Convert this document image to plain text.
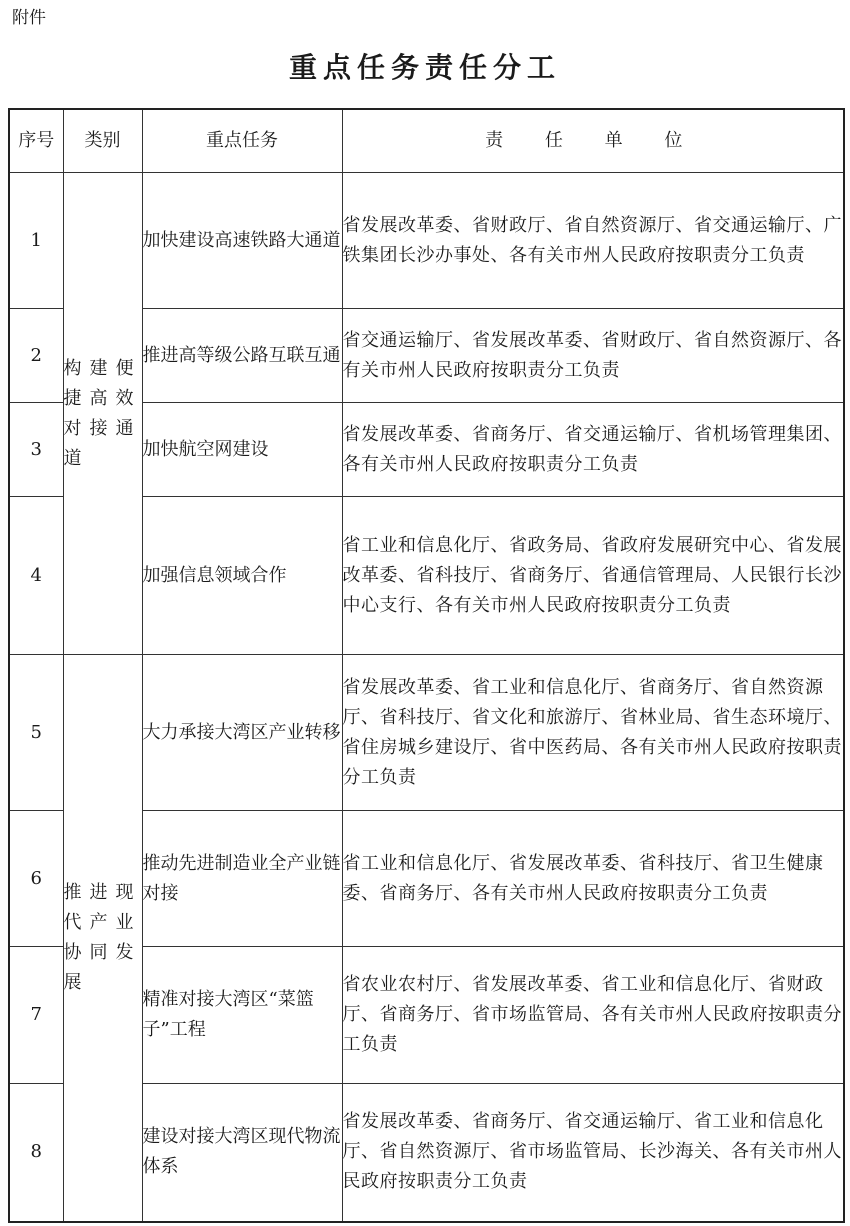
附件
重点任务责任分工
序号	类别	重点任务	责 任 单 位
1	构建便捷高效对接通道	加快建设高速铁路大通道	省发展改革委、省财政厅、省自然资源厅、省交通运输厅、广铁集团长沙办事处、各有关市州人民政府按职责分工负责
2		推进高等级公路互联互通	省交通运输厅、省发展改革委、省财政厅、省自然资源厅、各有关市州人民政府按职责分工负责
3		加快航空网建设	省发展改革委、省商务厅、省交通运输厅、省机场管理集团、各有关市州人民政府按职责分工负责
4		加强信息领域合作	省工业和信息化厅、省政务局、省政府发展研究中心、省发展改革委、省科技厅、省商务厅、省通信管理局、人民银行长沙中心支行、各有关市州人民政府按职责分工负责
5	推进现代产业协同发展	大力承接大湾区产业转移	省发展改革委、省工业和信息化厅、省商务厅、省自然资源厅、省科技厅、省文化和旅游厅、省林业局、省生态环境厅、省住房城乡建设厅、省中医药局、各有关市州人民政府按职责分工负责
6		推动先进制造业全产业链对接	省工业和信息化厅、省发展改革委、省科技厅、省卫生健康委、省商务厅、各有关市州人民政府按职责分工负责
7		精准对接大湾区“菜篮子”工程	省农业农村厅、省发展改革委、省工业和信息化厅、省财政厅、省商务厅、省市场监管局、各有关市州人民政府按职责分工负责
8		建设对接大湾区现代物流体系	省发展改革委、省商务厅、省交通运输厅、省工业和信息化厅、省自然资源厅、省市场监管局、长沙海关、各有关市州人民政府按职责分工负责
